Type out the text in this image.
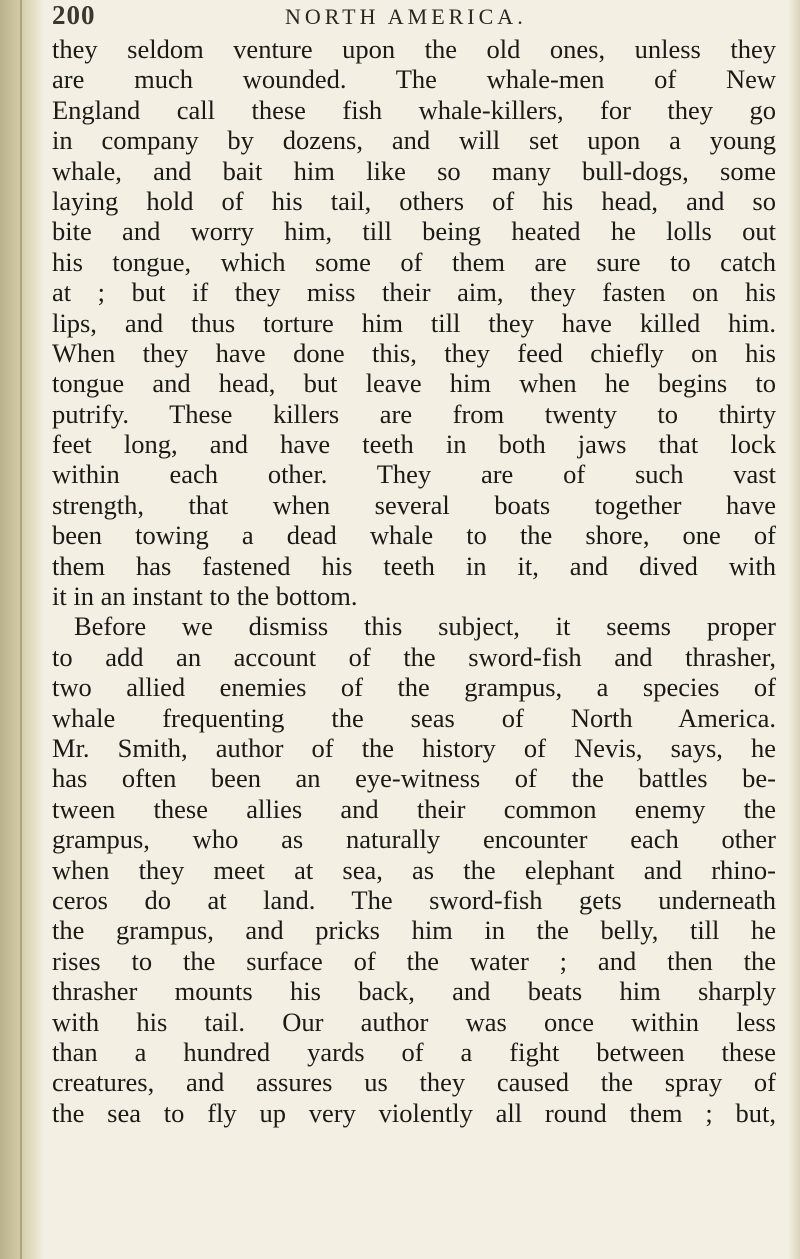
200	NORTH AMERICA.
they seldom venture upon the old ones, unless they
are much wounded. The whale-men of New
England call these fish whale-killers, for they go
in company by dozens, and will set upon a young
whale, and bait him like so many bull-dogs, some
laying hold of his tail, others of his head, and so
bite and worry him, till being heated he lolls out
his tongue, which some of them are sure to catch
at ; but if they miss their aim, they fasten on his
lips, and thus torture him till they have killed him.
When they have done this, they feed chiefly on his
tongue and head, but leave him when he begins to
putrify. These killers are from twenty to thirty
feet long, and have teeth in both jaws that lock
within each other. They are of such vast
strength, that when several boats together have
been towing a dead whale to the shore, one of
them has fastened his teeth in it, and dived with
it in an instant to the bottom.
Before we dismiss this subject, it seems proper
to add an account of the sword-fish and thrasher,
two allied enemies of the grampus, a species of
whale frequenting the seas of North America.
Mr. Smith, author of the history of Nevis, says, he
has often been an eye-witness of the battles be-
tween these allies and their common enemy the
grampus, who as naturally encounter each other
when they meet at sea, as the elephant and rhino-
ceros do at land. The sword-fish gets underneath
the grampus, and pricks him in the belly, till he
rises to the surface of the water ; and then the
thrasher mounts his back, and beats him sharply
with his tail. Our author was once within less
than a hundred yards of a fight between these
creatures, and assures us they caused the spray of
the sea to fly up very violently all round them ; but,
